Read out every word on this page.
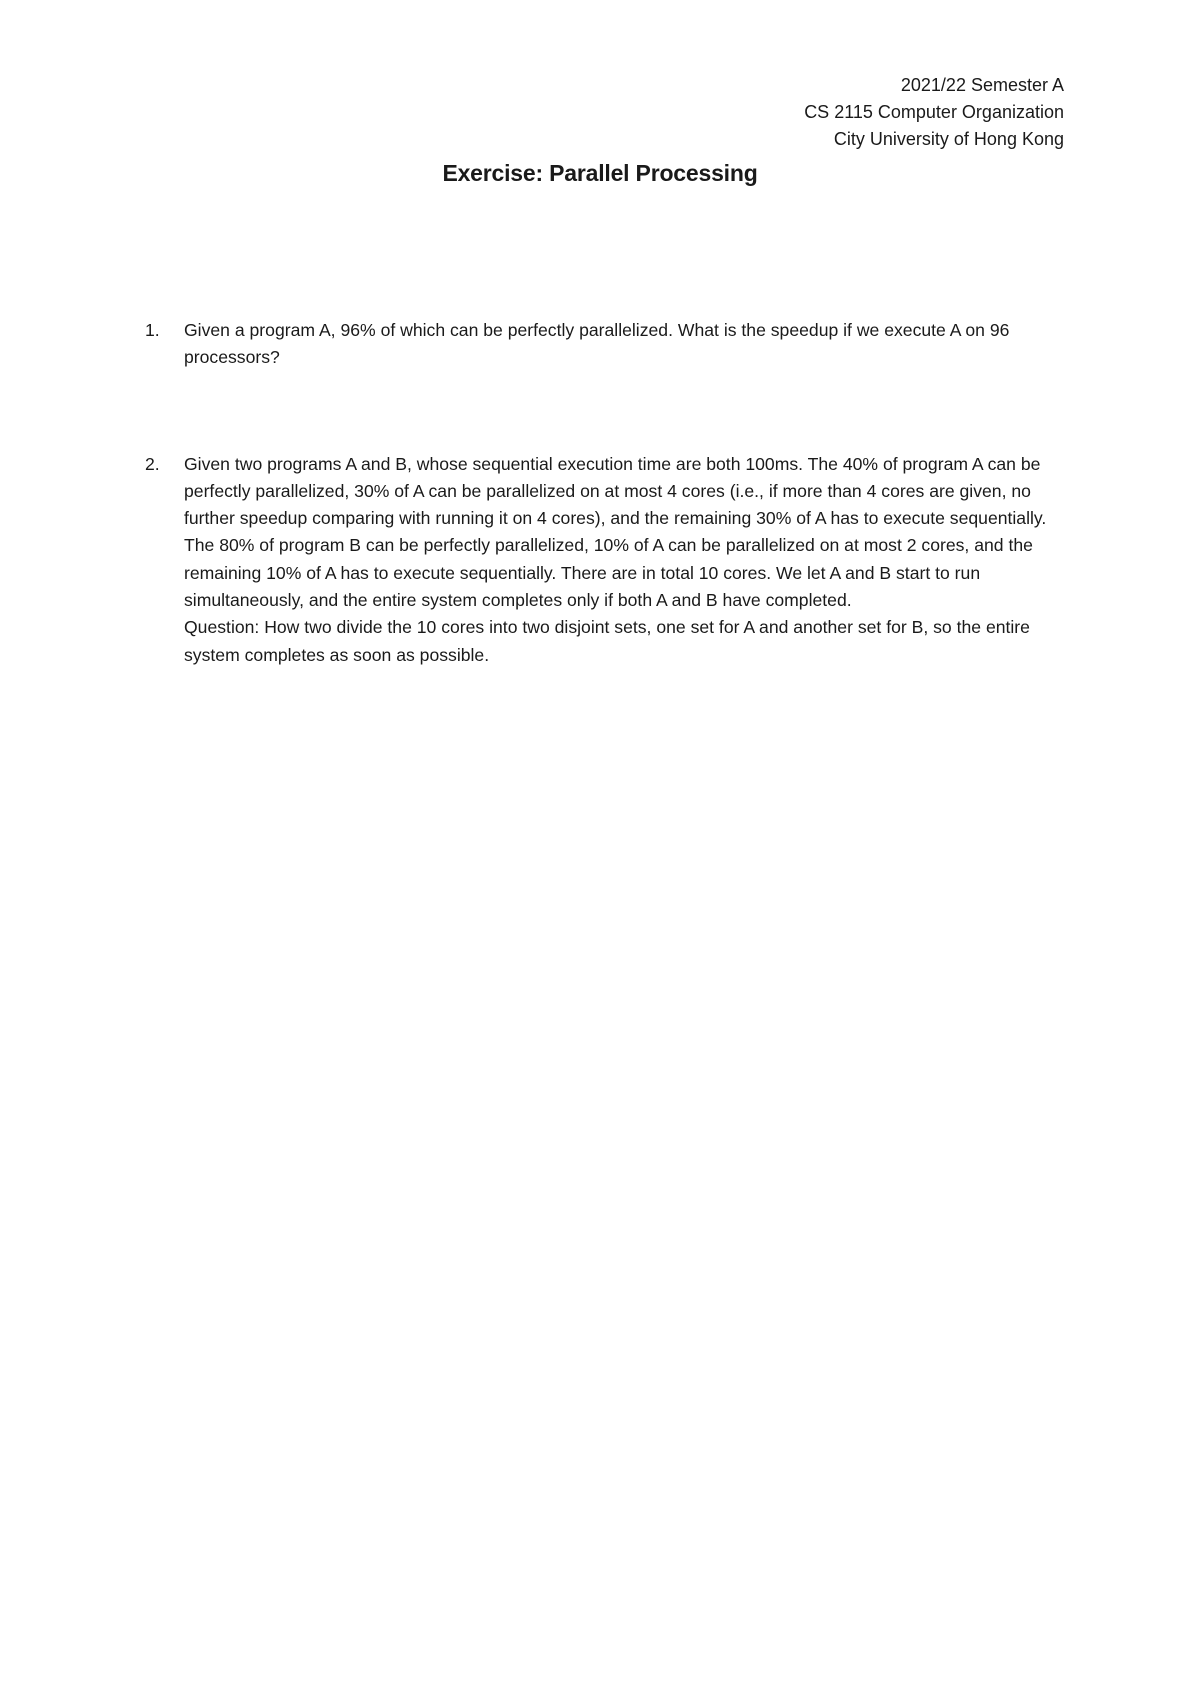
2021/22 Semester A
CS 2115 Computer Organization
City University of Hong Kong
Exercise: Parallel Processing
1. Given a program A, 96% of which can be perfectly parallelized. What is the speedup if we execute A on 96 processors?
2. Given two programs A and B, whose sequential execution time are both 100ms. The 40% of program A can be perfectly parallelized, 30% of A can be parallelized on at most 4 cores (i.e., if more than 4 cores are given, no further speedup comparing with running it on 4 cores), and the remaining 30% of A has to execute sequentially. The 80% of program B can be perfectly parallelized, 10% of A can be parallelized on at most 2 cores, and the remaining 10% of A has to execute sequentially. There are in total 10 cores. We let A and B start to run simultaneously, and the entire system completes only if both A and B have completed.
Question: How two divide the 10 cores into two disjoint sets, one set for A and another set for B, so the entire system completes as soon as possible.
